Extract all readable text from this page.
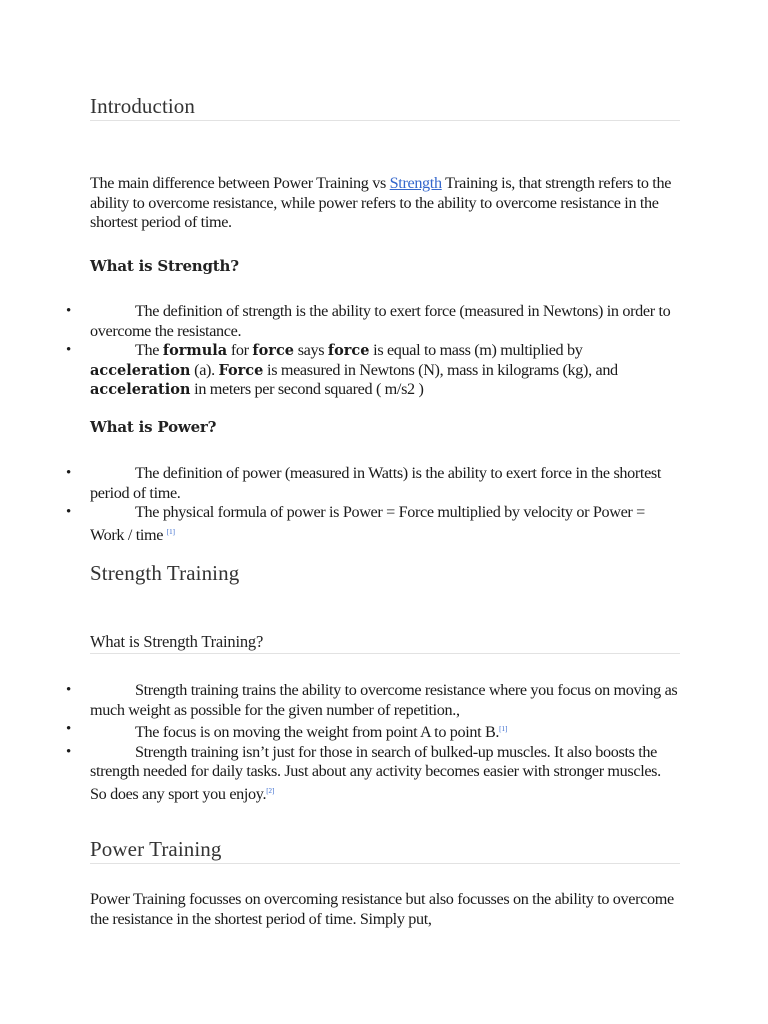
Introduction

The main difference between Power Training vs Strength Training is, that strength refers to the ability to overcome resistance, while power refers to the ability to overcome resistance in the shortest period of time.

What is Strength?
•	The definition of strength is the ability to exert force (measured in Newtons) in order to overcome the resistance.
•	The formula for force says force is equal to mass (m) multiplied by acceleration (a). Force is measured in Newtons (N), mass in kilograms (kg), and acceleration in meters per second squared ( m/s2 )
What is Power?
•	The definition of power (measured in Watts) is the ability to exert force in the shortest period of time.
•	The physical formula of power is Power = Force multiplied by velocity or Power = Work / time [1]
Strength Training
What is Strength Training?
•	Strength training trains the ability to overcome resistance where you focus on moving as much weight as possible for the given number of repetition.,
•	The focus is on moving the weight from point A to point B.[1]
•	Strength training isn’t just for those in search of bulked-up muscles. It also boosts the strength needed for daily tasks. Just about any activity becomes easier with stronger muscles. So does any sport you enjoy.[2]
Power Training

Power Training focusses on overcoming resistance but also focusses on the ability to overcome the resistance in the shortest period of time. Simply put,
